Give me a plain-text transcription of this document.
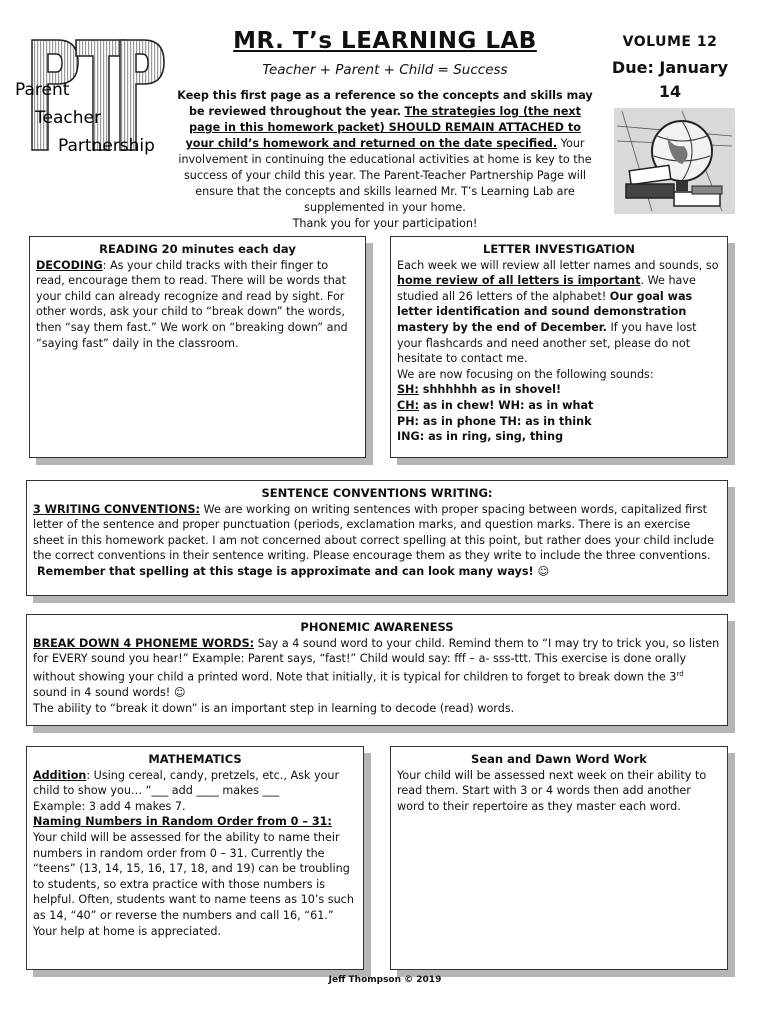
Parent
Teacher
Partnership
MR. T’s LEARNING LAB
Teacher + Parent + Child = Success
Keep this first page as a reference so the concepts and skills may be reviewed throughout the year. The strategies log (the next page in this homework packet) SHOULD REMAIN ATTACHED to your child’s homework and returned on the date specified. Your involvement in continuing the educational activities at home is key to the success of your child this year. The Parent-Teacher Partnership Page will ensure that the concepts and skills learned Mr. T’s Learning Lab are supplemented in your home.
Thank you for your participation!
VOLUME 12
Due: January 14
READING 20 minutes each day
DECODING: As your child tracks with their finger to read, encourage them to read. There will be words that your child can already recognize and read by sight. For other words, ask your child to “break down” the words, then “say them fast.” We work on “breaking down” and “saying fast” daily in the classroom.
LETTER INVESTIGATION
Each week we will review all letter names and sounds, so home review of all letters is important. We have studied all 26 letters of the alphabet! Our goal was letter identification and sound demonstration mastery by the end of December. If you have lost your flashcards and need another set, please do not hesitate to contact me.
We are now focusing on the following sounds:
SH: shhhhhh as in shovel!
CH: as in chew! WH: as in what
PH: as in phone TH: as in think
ING: as in ring, sing, thing
SENTENCE CONVENTIONS WRITING:
3 WRITING CONVENTIONS: We are working on writing sentences with proper spacing between words, capitalized first letter of the sentence and proper punctuation (periods, exclamation marks, and question marks. There is an exercise sheet in this homework packet. I am not concerned about correct spelling at this point, but rather does your child include the correct conventions in their sentence writing. Please encourage them as they write to include the three conventions.
Remember that spelling at this stage is approximate and can look many ways! ☺
PHONEMIC AWARENESS
BREAK DOWN 4 PHONEME WORDS: Say a 4 sound word to your child. Remind them to “I may try to trick you, so listen for EVERY sound you hear!” Example: Parent says, “fast!” Child would say: fff – a- sss-ttt. This exercise is done orally without showing your child a printed word. Note that initially, it is typical for children to forget to break down the 3rd sound in 4 sound words! ☺
The ability to “break it down” is an important step in learning to decode (read) words.
MATHEMATICS
Addition: Using cereal, candy, pretzels, etc., Ask your child to show you… “___ add ____ makes ___
Example: 3 add 4 makes 7.
Naming Numbers in Random Order from 0 – 31:
Your child will be assessed for the ability to name their numbers in random order from 0 – 31. Currently the “teens” (13, 14, 15, 16, 17, 18, and 19) can be troubling to students, so extra practice with those numbers is helpful. Often, students want to name teens as 10’s such as 14, “40” or reverse the numbers and call 16, “61.” Your help at home is appreciated.
Sean and Dawn Word Work
Your child will be assessed next week on their ability to read them. Start with 3 or 4 words then add another word to their repertoire as they master each word.
Jeff Thompson © 2019
